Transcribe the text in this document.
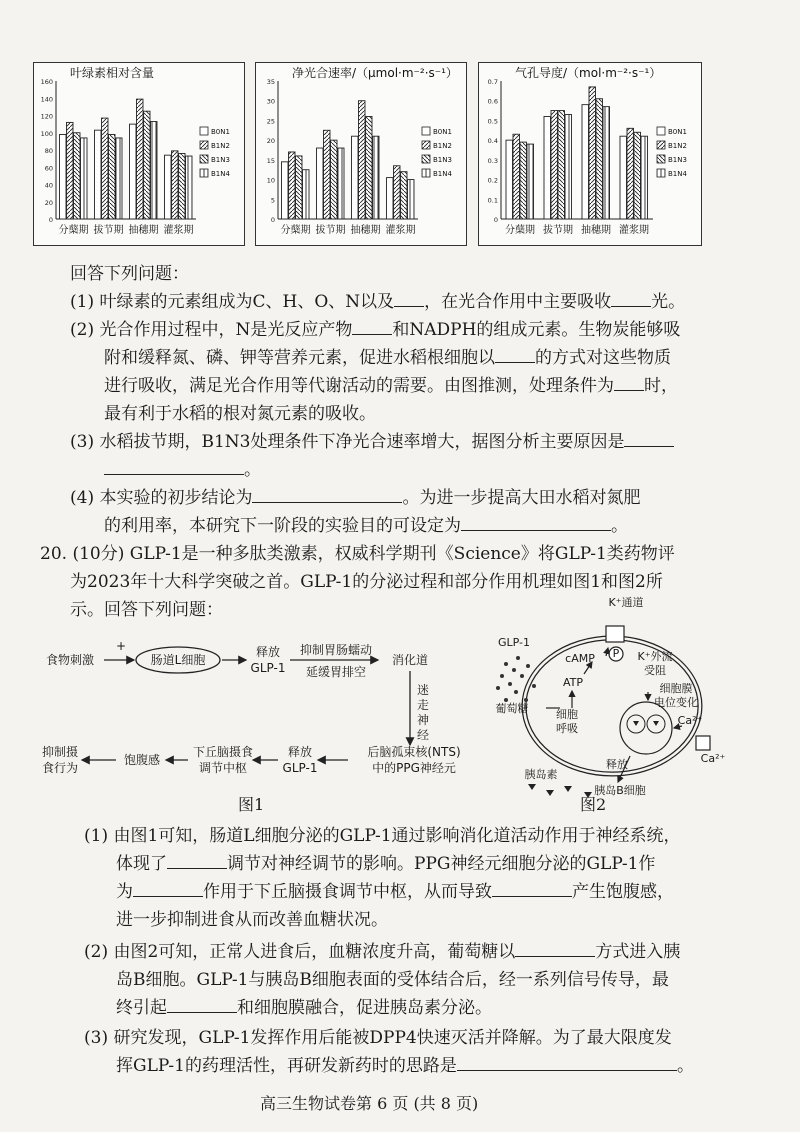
叶绿素相对含量
160
140
120
100
80
60
40
20
0
分蘖期 拔节期 抽穗期 灌浆期
B0N1
B1N2
B1N3
B1N4
净光合速率/（μmol·m⁻²·s⁻¹）
35
30
25
20
15
10
5
0
分蘖期 拔节期 抽穗期 灌浆期
B0N1
B1N2
B1N3
B1N4
气孔导度/（mol·m⁻²·s⁻¹）
0.7
0.6
0.5
0.4
0.3
0.2
0.1
0
分蘖期 拔节期 抽穗期 灌浆期
B0N1
B1N2
B1N3
B1N4
回答下列问题：
(1) 叶绿素的元素组成为C、H、O、N以及 ，在光合作用中主要吸收 光。
(2) 光合作用过程中，N是光反应产物 和NADPH的组成元素。生物炭能够吸
附和缓释氮、磷、钾等营养元素，促进水稻根细胞以 的方式对这些物质
进行吸收，满足光合作用等代谢活动的需要。由图推测，处理条件为 时，
最有利于水稻的根对氮元素的吸收。
(3) 水稻拔节期，B1N3处理条件下净光合速率增大，据图分析主要原因是
。
(4) 本实验的初步结论为	。为进一步提高大田水稻对氮肥
的利用率，本研究下一阶段的实验目的可设定为	。
20. (10分) GLP-1是一种多肽类激素，权威科学期刊《Science》将GLP-1类药物评
为2023年十大科学突破之首。GLP-1的分泌过程和部分作用机理如图1和图2所
示。回答下列问题：
食物刺激
+
肠道L细胞
释放
GLP-1
抑制胃肠蠕动
延缓胃排空
消化道
迷走神经
后脑孤束核(NTS)
中的PPG神经元
释放
GLP-1
下丘脑摄食
调节中枢
饱腹感
抑制摄
食行为
图1
K⁺通道
GLP-1
P
cAMP
ATP
K⁺外流
受阻
葡萄糖	细胞
呼吸
细胞膜
电位变化
Ca²⁺
Ca²⁺
释放
胰岛素
胰岛B细胞
图2
(1) 由图1可知，肠道L细胞分泌的GLP-1通过影响消化道活动作用于神经系统，
体现了	调节对神经调节的影响。PPG神经元细胞分泌的GLP-1作
为	作用于下丘脑摄食调节中枢，从而导致	产生饱腹感，
进一步抑制进食从而改善血糖状况。
(2) 由图2可知，正常人进食后，血糖浓度升高，葡萄糖以	方式进入胰
岛B细胞。GLP-1与胰岛B细胞表面的受体结合后，经一系列信号传导，最
终引起	和细胞膜融合，促进胰岛素分泌。
(3) 研究发现，GLP-1发挥作用后能被DPP4快速灭活并降解。为了最大限度发
挥GLP-1的药理活性，再研发新药时的思路是	。
高三生物试卷第 6 页 (共 8 页)
